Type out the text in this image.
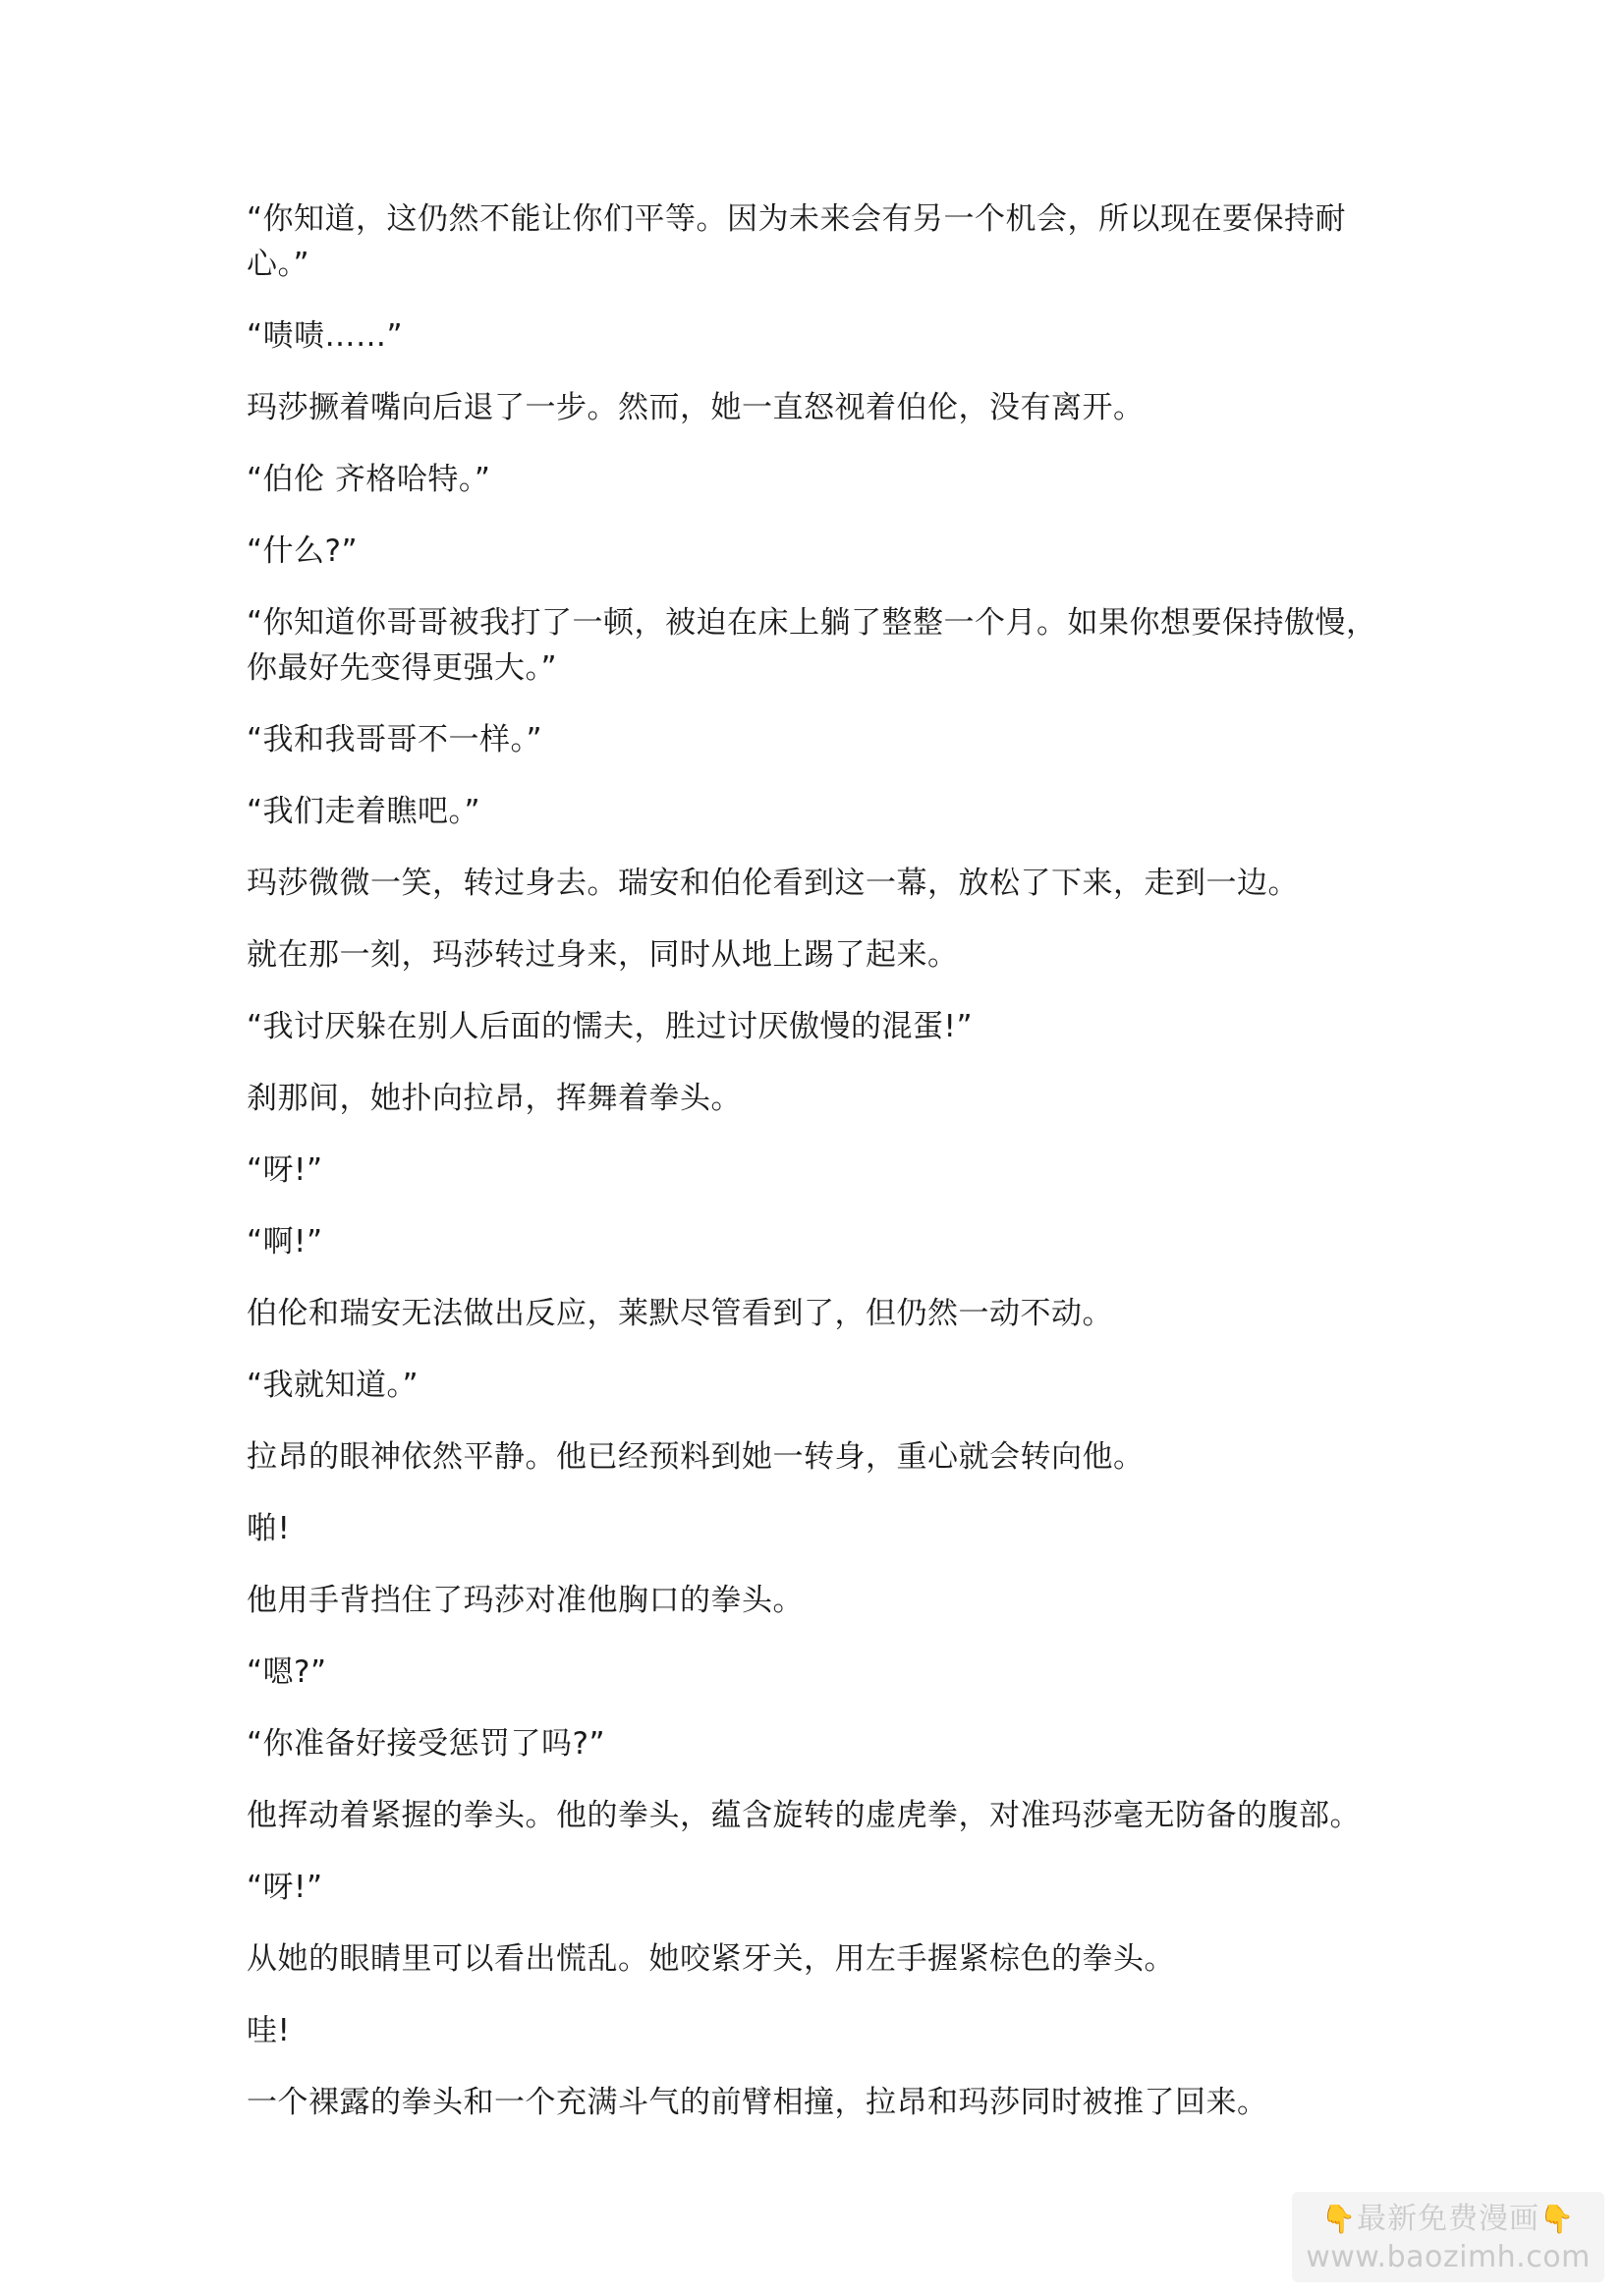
“你知道，这仍然不能让你们平等。因为未来会有另一个机会，所以现在要保持耐心。”

“啧啧……”

玛莎撅着嘴向后退了一步。然而，她一直怒视着伯伦，没有离开。

“伯伦 齐格哈特。”

“什么?”

“你知道你哥哥被我打了一顿，被迫在床上躺了整整一个月。如果你想要保持傲慢，你最好先变得更强大。”

“我和我哥哥不一样。”

“我们走着瞧吧。”

玛莎微微一笑，转过身去。瑞安和伯伦看到这一幕，放松了下来，走到一边。

就在那一刻，玛莎转过身来，同时从地上踢了起来。

“我讨厌躲在别人后面的懦夫，胜过讨厌傲慢的混蛋!”

刹那间，她扑向拉昂，挥舞着拳头。

“呀!”

“啊!”

伯伦和瑞安无法做出反应，莱默尽管看到了，但仍然一动不动。

“我就知道。”

拉昂的眼神依然平静。他已经预料到她一转身，重心就会转向他。

啪!

他用手背挡住了玛莎对准他胸口的拳头。

“嗯?”

“你准备好接受惩罚了吗?”

他挥动着紧握的拳头。他的拳头，蕴含旋转的虚虎拳，对准玛莎毫无防备的腹部。

“呀!”

从她的眼睛里可以看出慌乱。她咬紧牙关，用左手握紧棕色的拳头。

哇!

一个裸露的拳头和一个充满斗气的前臂相撞，拉昂和玛莎同时被推了回来。

👇最新免费漫画👇
www.baozimh.com
